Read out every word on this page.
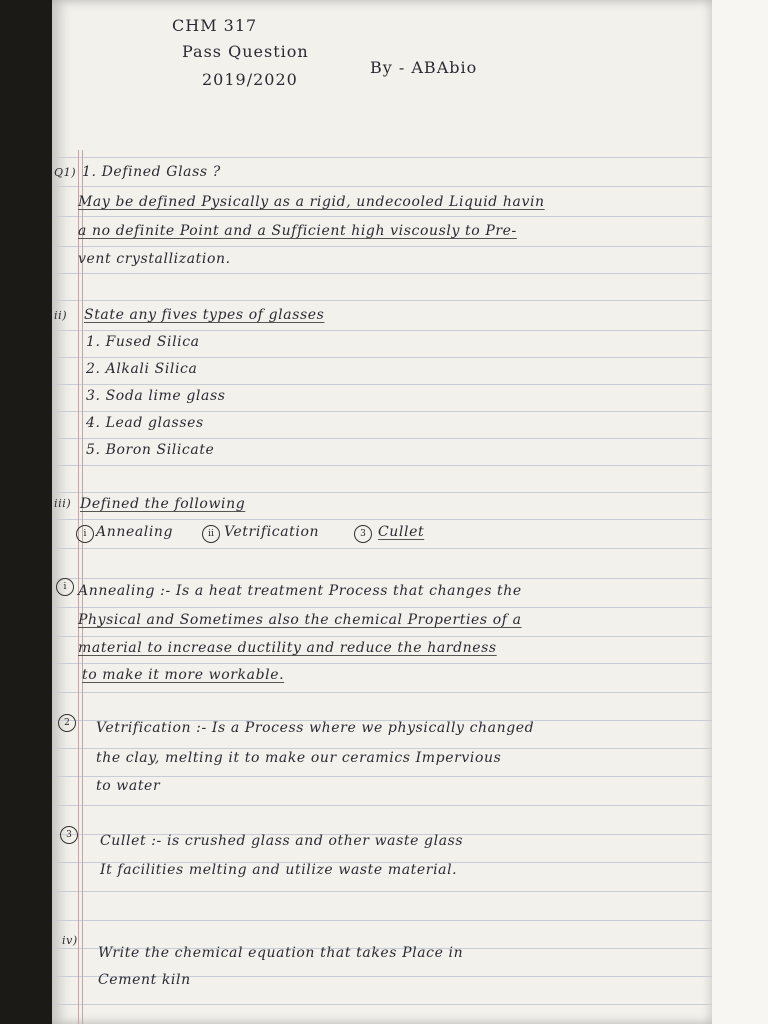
CHM 317
Pass Question
2019/2020
By - ABAbio
Q1) 1. Defined Glass ?
May be defined Pysically as a rigid, undecooled Liquid havin
a no definite Point and a Sufficient high viscously to Pre-
vent crystallization.
ii) State any fives types of glasses
1. Fused Silica
2. Alkali Silica
3. Soda lime glass
4. Lead glasses
5. Boron Silicate
iii) Defined the following
i Annealing	ii Vetrification	3 Cullet
i Annealing :- Is a heat treatment Process that changes the
Physical and Sometimes also the chemical Properties of a
material to increase ductility and reduce the hardness
to make it more workable.
2	Vetrification :- Is a Process where we physically changed
the clay, melting it to make our ceramics Impervious
to water
3	Cullet :- is crushed glass and other waste glass
It facilities melting and utilize waste material.
iv)
Write the chemical equation that takes Place in
Cement kiln
